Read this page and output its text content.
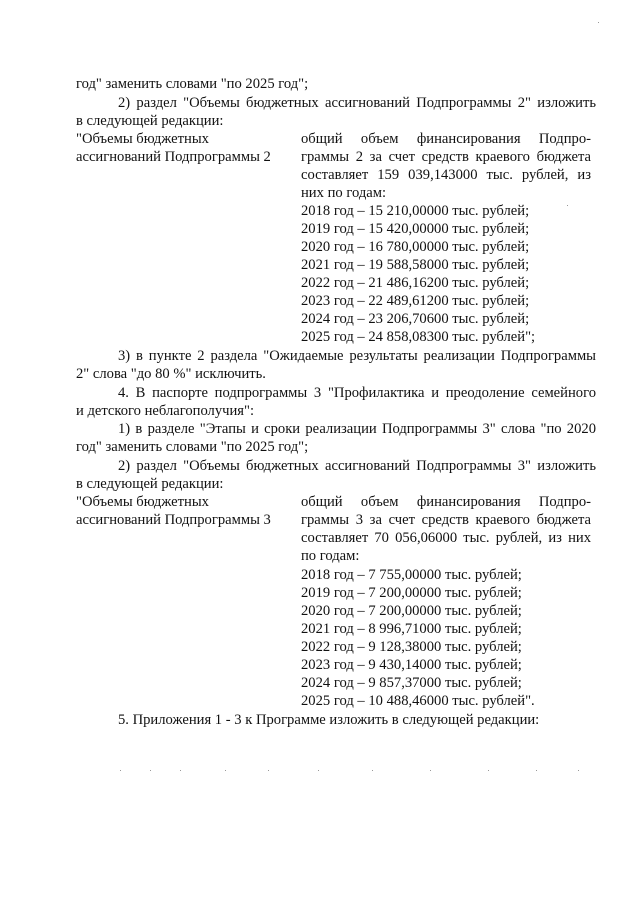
год" заменить словами "по 2025 год";
2) раздел "Объемы бюджетных ассигнований Подпрограммы 2" изложить
в следующей редакции:
"Объемы бюджетных
ассигнований Подпрограммы 2
общий объем финансирования Подпро-
граммы 2 за счет средств краевого бюджета
составляет 159 039,143000 тыс. рублей, из
них по годам:
2018 год – 15 210,00000 тыс. рублей;
2019 год – 15 420,00000 тыс. рублей;
2020 год – 16 780,00000 тыс. рублей;
2021 год – 19 588,58000 тыс. рублей;
2022 год – 21 486,16200 тыс. рублей;
2023 год – 22 489,61200 тыс. рублей;
2024 год – 23 206,70600 тыс. рублей;
2025 год – 24 858,08300 тыс. рублей";
3) в пункте 2 раздела "Ожидаемые результаты реализации Подпрограммы
2" слова "до 80 %" исключить.
4. В паспорте подпрограммы 3 "Профилактика и преодоление семейного
и детского неблагополучия":
1) в разделе "Этапы и сроки реализации Подпрограммы 3" слова "по 2020
год" заменить словами "по 2025 год";
2) раздел "Объемы бюджетных ассигнований Подпрограммы 3" изложить
в следующей редакции:
"Объемы бюджетных
ассигнований Подпрограммы 3
общий объем финансирования Подпро-
граммы 3 за счет средств краевого бюджета
составляет 70 056,06000 тыс. рублей, из них
по годам:
2018 год – 7 755,00000 тыс. рублей;
2019 год – 7 200,00000 тыс. рублей;
2020 год – 7 200,00000 тыс. рублей;
2021 год – 8 996,71000 тыс. рублей;
2022 год – 9 128,38000 тыс. рублей;
2023 год – 9 430,14000 тыс. рублей;
2024 год – 9 857,37000 тыс. рублей;
2025 год – 10 488,46000 тыс. рублей".
5. Приложения 1 - 3 к Программе изложить в следующей редакции:
